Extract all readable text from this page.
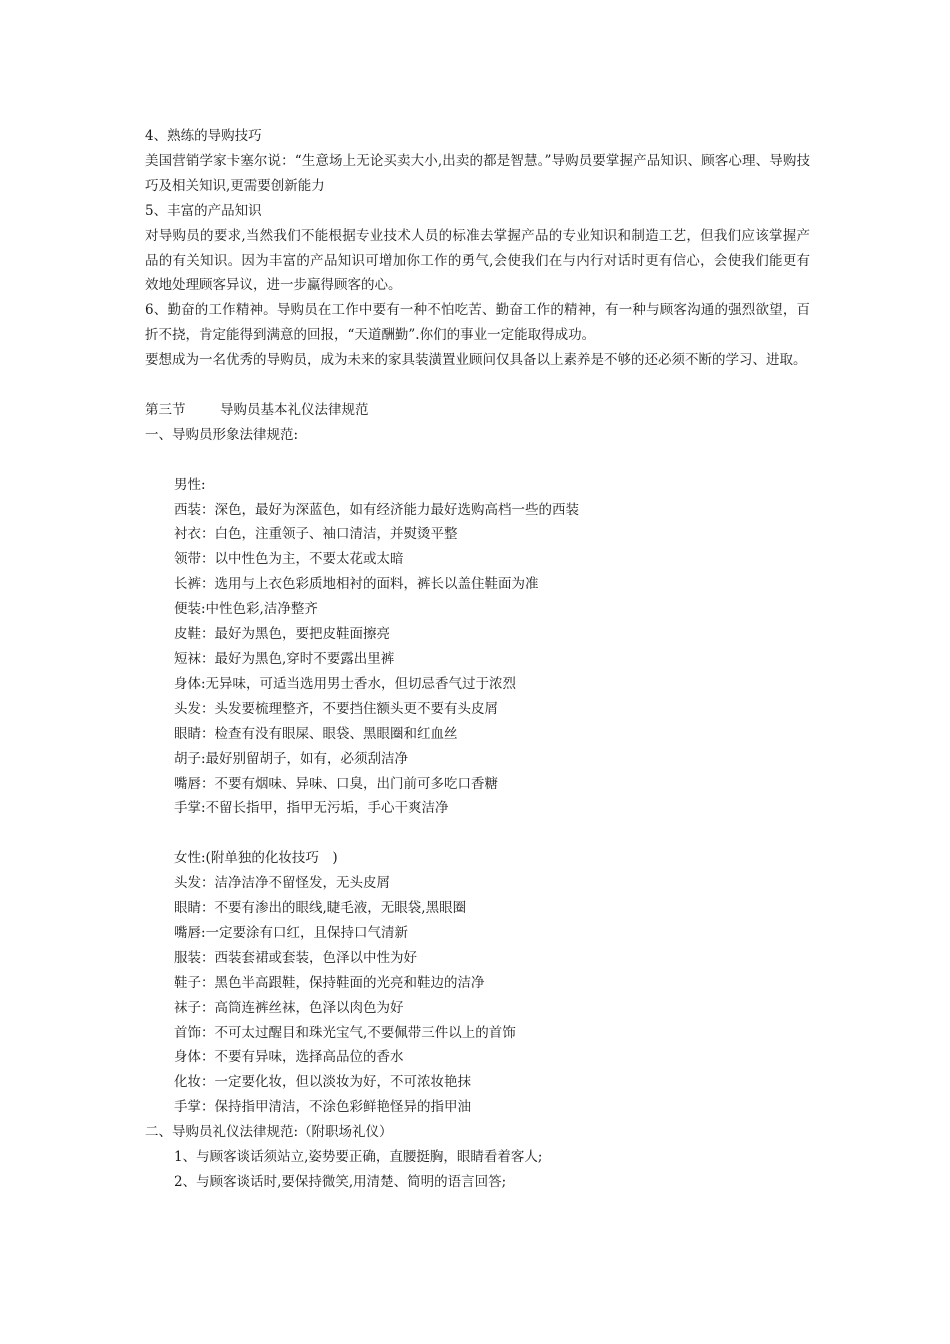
4、熟练的导购技巧
美国营销学家卡塞尔说：“生意场上无论买卖大小,出卖的都是智慧。”导购员要掌握产品知识、顾客心理、导购技巧及相关知识,更需要创新能力
5、丰富的产品知识
对导购员的要求,当然我们不能根据专业技术人员的标准去掌握产品的专业知识和制造工艺，但我们应该掌握产品的有关知识。因为丰富的产品知识可增加你工作的勇气,会使我们在与内行对话时更有信心，会使我们能更有效地处理顾客异议，进一步赢得顾客的心。
6、勤奋的工作精神。导购员在工作中要有一种不怕吃苦、勤奋工作的精神，有一种与顾客沟通的强烈欲望，百折不挠，肯定能得到满意的回报，“天道酬勤”.你们的事业一定能取得成功。
要想成为一名优秀的导购员，成为未来的家具装潢置业顾问仅具备以上素养是不够的还必须不断的学习、进取。
第三节	导购员基本礼仪法律规范
一、导购员形象法律规范:
男性:
西装：深色，最好为深蓝色，如有经济能力最好选购高档一些的西装
衬衣：白色，注重领子、袖口清洁，并熨烫平整
领带：以中性色为主，不要太花或太暗
长裤：选用与上衣色彩质地相衬的面料，裤长以盖住鞋面为准
便装:中性色彩,洁净整齐
皮鞋：最好为黑色，要把皮鞋面擦亮
短袜：最好为黑色,穿时不要露出里裤
身体:无异味，可适当选用男士香水，但切忌香气过于浓烈
头发：头发要梳理整齐，不要挡住额头更不要有头皮屑
眼睛：检查有没有眼屎、眼袋、黑眼圈和红血丝
胡子:最好别留胡子，如有，必须刮洁净
嘴唇：不要有烟味、异味、口臭，出门前可多吃口香糖
手掌:不留长指甲，指甲无污垢，手心干爽洁净
女性:(附单独的化妆技巧　)
头发：洁净洁净不留怪发，无头皮屑
眼睛：不要有渗出的眼线,睫毛液，无眼袋,黑眼圈
嘴唇:一定要涂有口红，且保持口气清新
服装：西装套裙或套装，色泽以中性为好
鞋子：黑色半高跟鞋，保持鞋面的光亮和鞋边的洁净
袜子：高筒连裤丝袜，色泽以肉色为好
首饰：不可太过醒目和珠光宝气,不要佩带三件以上的首饰
身体：不要有异味，选择高品位的香水
化妆：一定要化妆，但以淡妆为好，不可浓妆艳抹
手掌：保持指甲清洁，不涂色彩鲜艳怪异的指甲油
二、导购员礼仪法律规范:（附职场礼仪）
1、与顾客谈话须站立,姿势要正确，直腰挺胸，眼睛看着客人;
2、与顾客谈话时,要保持微笑,用清楚、简明的语言回答;
